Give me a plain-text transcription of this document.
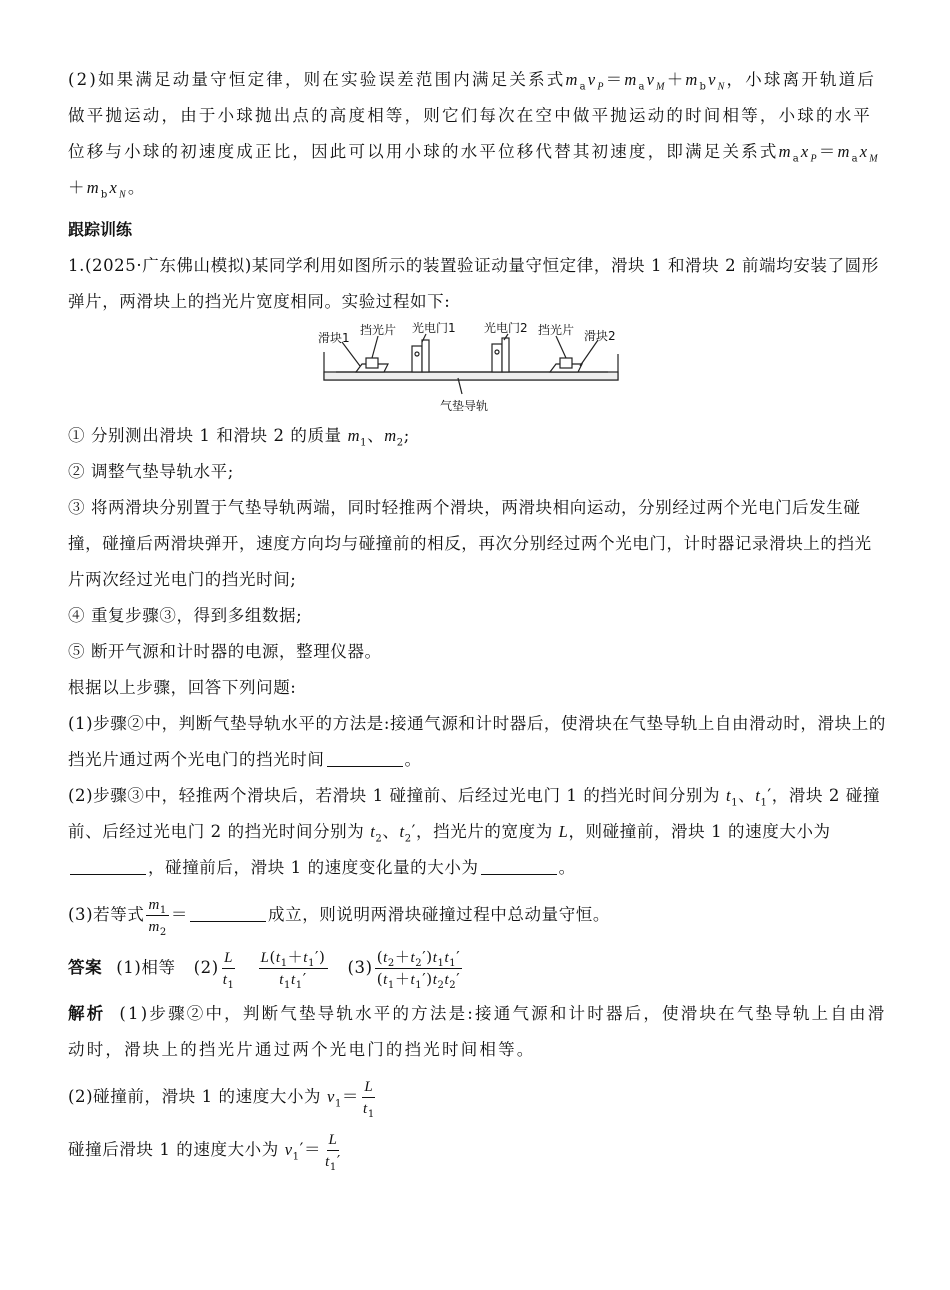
(2)如果满足动量守恒定律，则在实验误差范围内满足关系式$m_av_P=m_av_M+m_bv_N$，小球离开轨道后做平抛运动，由于小球抛出点的高度相等，则它们每次在空中做平抛运动的时间相等，小球的水平位移与小球的初速度成正比，因此可以用小球的水平位移代替其初速度，即满足关系式$m_ax_P=m_ax_M+m_bx_N$。

跟踪训练

1.(2025·广东佛山模拟)某同学利用如图所示的装置验证动量守恒定律，滑块 1 和滑块 2 前端均安装了圆形弹片，两滑块上的挡光片宽度相同。实验过程如下:

滑块1
挡光片 光电门1 光电门2 挡光片 滑块2
气垫导轨

① 分别测出滑块 1 和滑块 2 的质量 $m_1$、$m_2$;

② 调整气垫导轨水平;

③ 将两滑块分别置于气垫导轨两端，同时轻推两个滑块，两滑块相向运动，分别经过两个光电门后发生碰撞，碰撞后两滑块弹开，速度方向均与碰撞前的相反，再次分别经过两个光电门，计时器记录滑块上的挡光片两次经过光电门的挡光时间;

④ 重复步骤③，得到多组数据;

⑤ 断开气源和计时器的电源，整理仪器。

根据以上步骤，回答下列问题:

(1)步骤②中，判断气垫导轨水平的方法是:接通气源和计时器后，使滑块在气垫导轨上自由滑动时，滑块上的挡光片通过两个光电门的挡光时间	。

(2)步骤③中，轻推两个滑块后，若滑块 1 碰撞前、后经过光电门 1 的挡光时间分别为 $t_1$、$t_1'$，滑块 2 碰撞前、后经过光电门 2 的挡光时间分别为 $t_2$、$t_2'$，挡光片的宽度为 L，则碰撞前，滑块 1 的速度大小为，碰撞前后，滑块 1 的速度变化量的大小为	。

(3)若等式 $\frac{m_1}{m_2}$ ＝	成立，则说明两滑块碰撞过程中总动量守恒。

答案 (1)相等 $(2) \frac{L}{t_1} \frac{L(t_1+t_1')}{t_1t_1'} (3) \frac{(t_2+t_2')t_1t_1'}{(t_1+t_1')t_2t_2'}$

解析 (1)步骤②中，判断气垫导轨水平的方法是:接通气源和计时器后，使滑块在气垫导轨上自由滑动时，滑块上的挡光片通过两个光电门的挡光时间相等。

(2)碰撞前，滑块 1 的速度大小为 $v_1= \frac{L}{t_1}$

碰撞后滑块 1 的速度大小为 $v_1'= \frac{L}{t_1'}$
